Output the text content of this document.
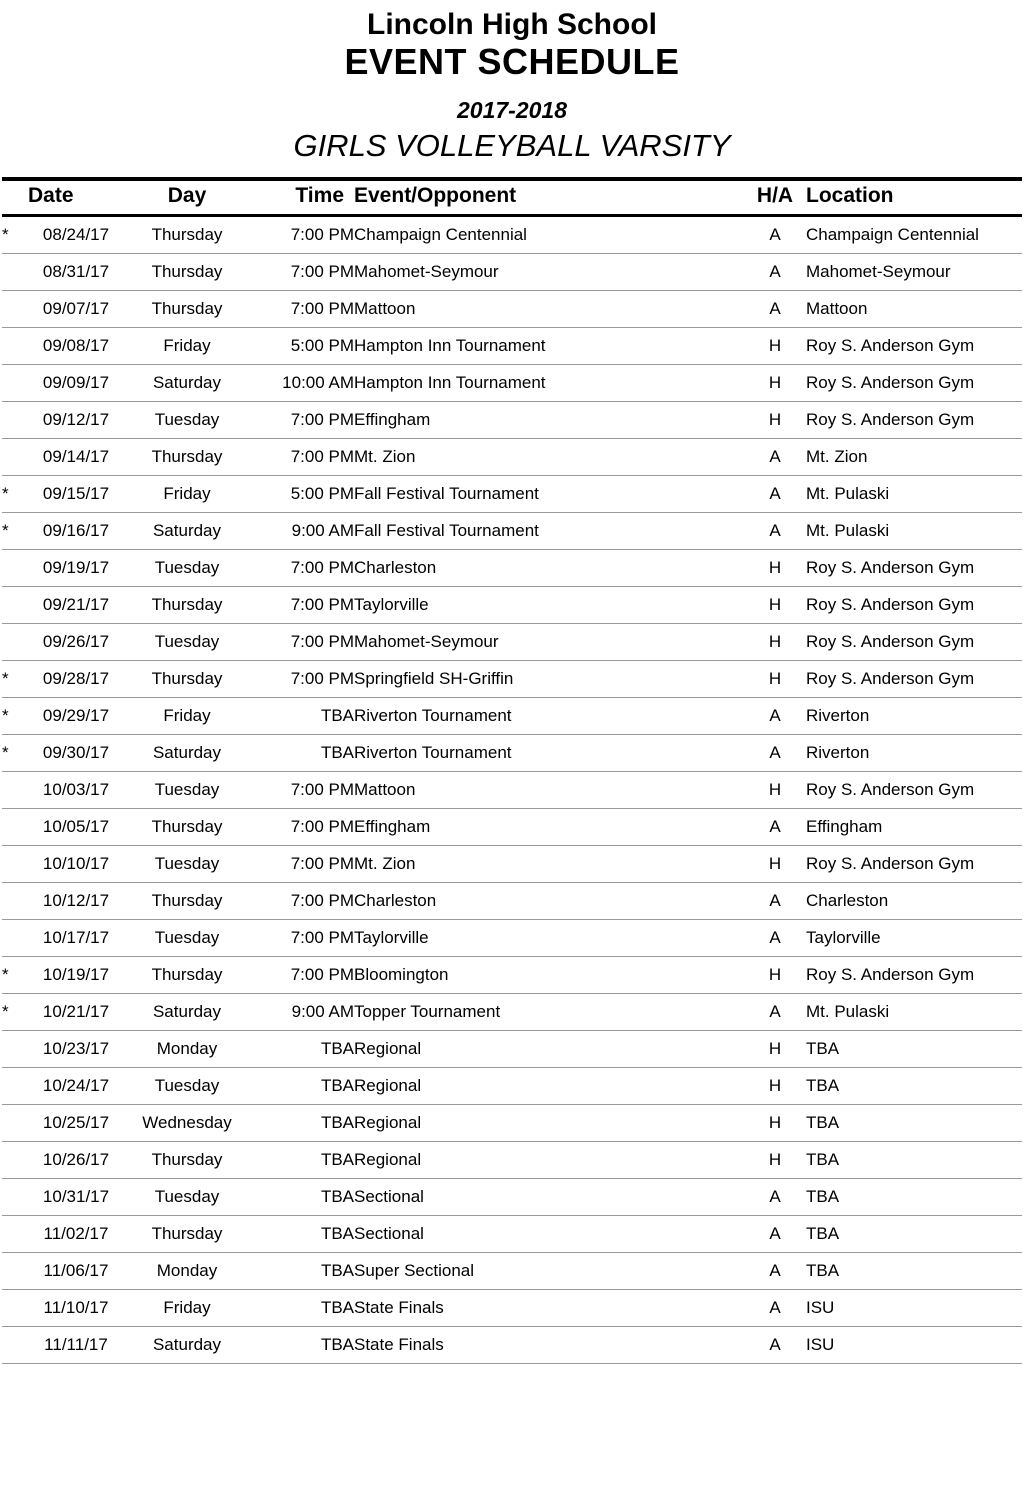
Lincoln High School
EVENT SCHEDULE
2017-2018
GIRLS VOLLEYBALL VARSITY
	Date	Day	Time	Event/Opponent	H/A	Location
*	08/24/17	Thursday	7:00 PM	Champaign Centennial	A	Champaign Centennial
	08/31/17	Thursday	7:00 PM	Mahomet-Seymour	A	Mahomet-Seymour
	09/07/17	Thursday	7:00 PM	Mattoon	A	Mattoon
	09/08/17	Friday	5:00 PM	Hampton Inn Tournament	H	Roy S. Anderson Gym
	09/09/17	Saturday	10:00 AM	Hampton Inn Tournament	H	Roy S. Anderson Gym
	09/12/17	Tuesday	7:00 PM	Effingham	H	Roy S. Anderson Gym
	09/14/17	Thursday	7:00 PM	Mt. Zion	A	Mt. Zion
*	09/15/17	Friday	5:00 PM	Fall Festival Tournament	A	Mt. Pulaski
*	09/16/17	Saturday	9:00 AM	Fall Festival Tournament	A	Mt. Pulaski
	09/19/17	Tuesday	7:00 PM	Charleston	H	Roy S. Anderson Gym
	09/21/17	Thursday	7:00 PM	Taylorville	H	Roy S. Anderson Gym
	09/26/17	Tuesday	7:00 PM	Mahomet-Seymour	H	Roy S. Anderson Gym
*	09/28/17	Thursday	7:00 PM	Springfield SH-Griffin	H	Roy S. Anderson Gym
*	09/29/17	Friday	TBA	Riverton Tournament	A	Riverton
*	09/30/17	Saturday	TBA	Riverton Tournament	A	Riverton
	10/03/17	Tuesday	7:00 PM	Mattoon	H	Roy S. Anderson Gym
	10/05/17	Thursday	7:00 PM	Effingham	A	Effingham
	10/10/17	Tuesday	7:00 PM	Mt. Zion	H	Roy S. Anderson Gym
	10/12/17	Thursday	7:00 PM	Charleston	A	Charleston
	10/17/17	Tuesday	7:00 PM	Taylorville	A	Taylorville
*	10/19/17	Thursday	7:00 PM	Bloomington	H	Roy S. Anderson Gym
*	10/21/17	Saturday	9:00 AM	Topper Tournament	A	Mt. Pulaski
	10/23/17	Monday	TBA	Regional	H	TBA
	10/24/17	Tuesday	TBA	Regional	H	TBA
	10/25/17	Wednesday	TBA	Regional	H	TBA
	10/26/17	Thursday	TBA	Regional	H	TBA
	10/31/17	Tuesday	TBA	Sectional	A	TBA
	11/02/17	Thursday	TBA	Sectional	A	TBA
	11/06/17	Monday	TBA	Super Sectional	A	TBA
	11/10/17	Friday	TBA	State Finals	A	ISU
	11/11/17	Saturday	TBA	State Finals	A	ISU
